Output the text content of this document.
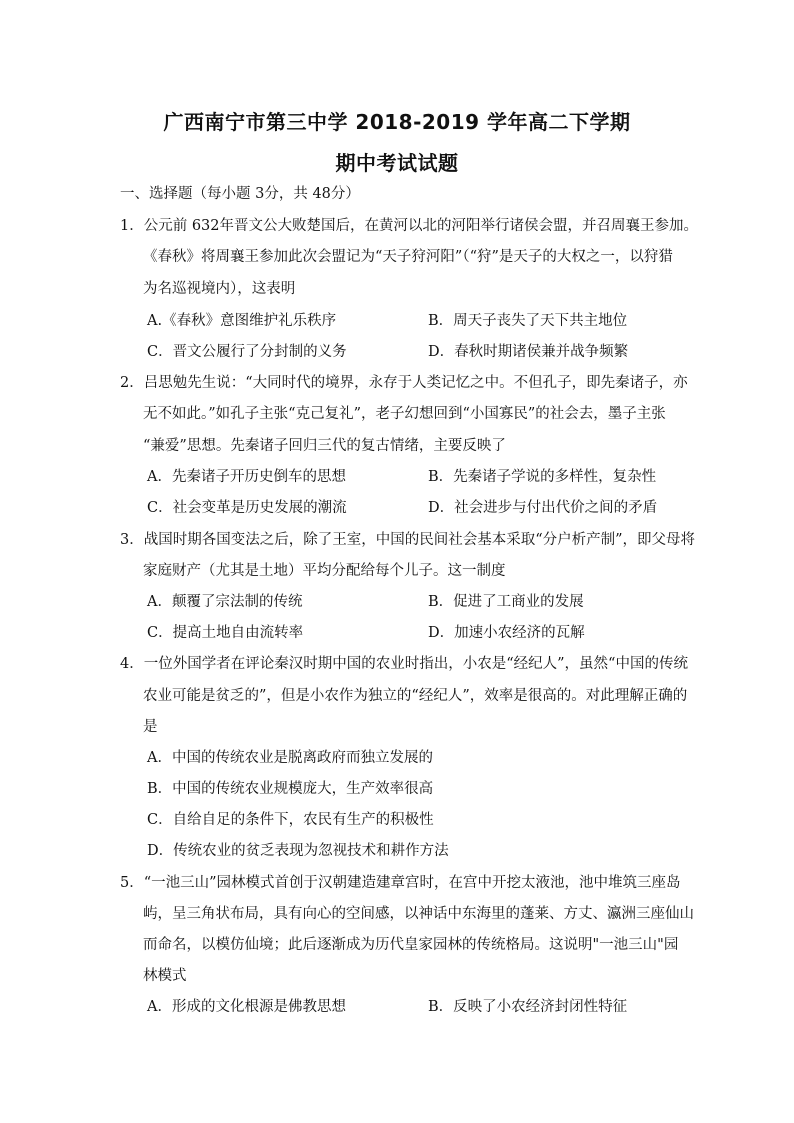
广西南宁市第三中学 2018-2019 学年高二下学期
期中考试试题
一、选择题（每小题 3分，共 48分）
1．公元前 632年晋文公大败楚国后，在黄河以北的河阳举行诸侯会盟，并召周襄王参加。
《春秋》将周襄王参加此次会盟记为“天子狩河阳”（“狩”是天子的大权之一，以狩猎
为名巡视境内），这表明
A.《春秋》意图维护礼乐秩序	B．周天子丧失了天下共主地位
C．晋文公履行了分封制的义务	D．春秋时期诸侯兼并战争频繁
2．吕思勉先生说：“大同时代的境界，永存于人类记忆之中。不但孔子，即先秦诸子，亦
无不如此。”如孔子主张“克己复礼”，老子幻想回到“小国寡民”的社会去，墨子主张
“兼爱”思想。先秦诸子回归三代的复古情绪，主要反映了
A．先秦诸子开历史倒车的思想	B．先秦诸子学说的多样性，复杂性
C．社会变革是历史发展的潮流	D．社会进步与付出代价之间的矛盾
3．战国时期各国变法之后，除了王室，中国的民间社会基本采取“分户析产制”，即父母将
家庭财产（尤其是土地）平均分配给每个儿子。这一制度
A．颠覆了宗法制的传统	B．促进了工商业的发展
C．提高土地自由流转率	D．加速小农经济的瓦解
4．一位外国学者在评论秦汉时期中国的农业时指出，小农是“经纪人”，虽然“中国的传统
农业可能是贫乏的”，但是小农作为独立的“经纪人”，效率是很高的。对此理解正确的
是
A．中国的传统农业是脱离政府而独立发展的
B．中国的传统农业规模庞大，生产效率很高
C．自给自足的条件下，农民有生产的积极性
D．传统农业的贫乏表现为忽视技术和耕作方法
5．“一池三山”园林模式首创于汉朝建造建章宫时，在宫中开挖太液池，池中堆筑三座岛
屿，呈三角状布局，具有向心的空间感，以神话中东海里的蓬莱、方丈、瀛洲三座仙山
而命名，以模仿仙境；此后逐渐成为历代皇家园林的传统格局。这说明"一池三山"园
林模式
A．形成的文化根源是佛教思想	B．反映了小农经济封闭性特征
